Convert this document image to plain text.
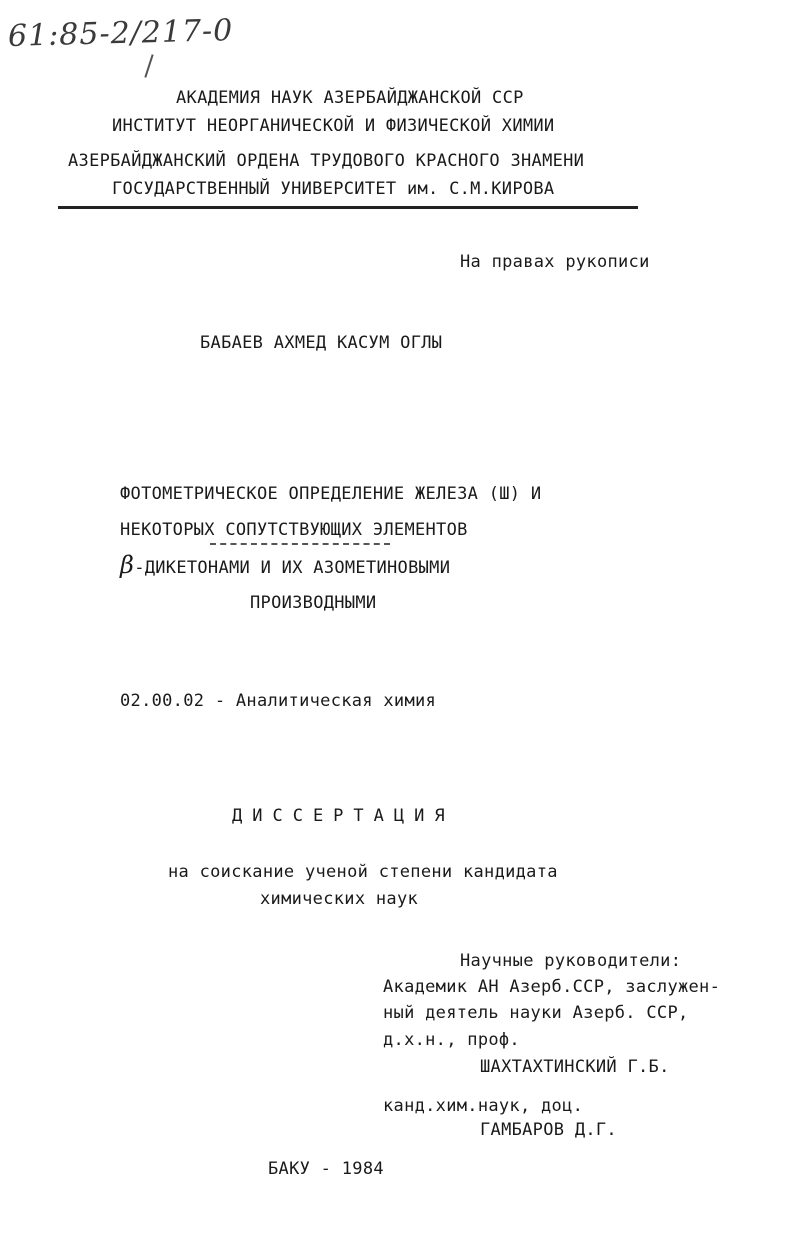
61:85-2/217-0
АКАДЕМИЯ НАУК АЗЕРБАЙДЖАНСКОЙ ССР
ИНСТИТУТ НЕОРГАНИЧЕСКОЙ И ФИЗИЧЕСКОЙ ХИМИИ
АЗЕРБАЙДЖАНСКИЙ ОРДЕНА ТРУДОВОГО КРАСНОГО ЗНАМЕНИ
ГОСУДАРСТВЕННЫЙ УНИВЕРСИТЕТ им. С.М.КИРОВА
На правах рукописи
БАБАЕВ АХМЕД КАСУМ ОГЛЫ
ФОТОМЕТРИЧЕСКОЕ ОПРЕДЕЛЕНИЕ ЖЕЛЕЗА (Ш) И
НЕКОТОРЫХ СОПУТСТВУЮЩИХ ЭЛЕМЕНТОВ
β-ДИКЕТОНАМИ И ИХ АЗОМЕТИНОВЫМИ
ПРОИЗВОДНЫМИ
02.00.02 - Аналитическая химия
ДИССЕРТАЦИЯ
на соискание ученой степени кандидата
химических наук
Научные руководители:
Академик АН Азерб.ССР, заслужен-
ный деятель науки Азерб. ССР,
д.х.н., проф.
ШАХТАХТИНСКИЙ Г.Б.
канд.хим.наук, доц.
ГАМБАРОВ Д.Г.
БАКУ - 1984
